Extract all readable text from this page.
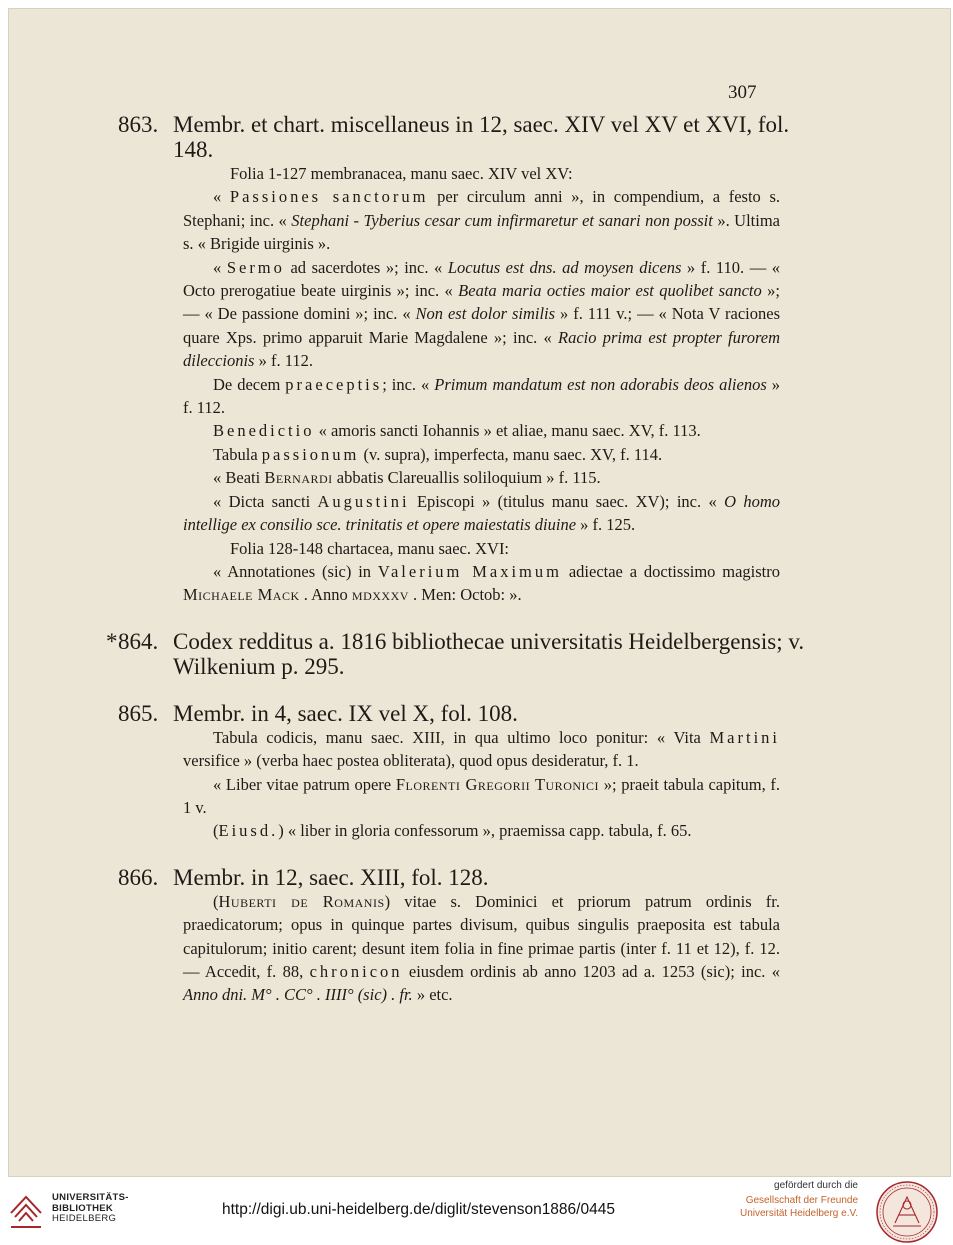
307
863. Membr. et chart. miscellaneus in 12, saec. XIV vel XV et XVI, fol. 148.
Folia 1-127 membranacea, manu saec. XIV vel XV:
« Passiones sanctorum per circulum anni », in compendium, a festo s. Stephani; inc. « Stephani - Tyberius cesar cum infirmaretur et sanari non possit ». Ultima s. « Brigide uirginis ».
« Sermo ad sacerdotes »; inc. « Locutus est dns. ad moysen dicens » f. 110. — « Octo prerogatiue beate uirginis »; inc. « Beata maria octies maior est quolibet sancto »; — « De passione domini »; inc. « Non est dolor similis » f. 111 v.; — « Nota V raciones quare Xps. primo apparuit Marie Magdalene »; inc. « Racio prima est propter furorem dileccionis » f. 112.
De decem praeceptis; inc. « Primum mandatum est non adorabis deos alienos » f. 112.
Benedictio « amoris sancti Iohannis » et aliae, manu saec. XV, f. 113.
Tabula passionum (v. supra), imperfecta, manu saec. XV, f. 114.
« Beati Bernardi abbatis Clareuallis soliloquium » f. 115.
« Dicta sancti Augustini Episcopi » (titulus manu saec. XV); inc. « O homo intellige ex consilio sce. trinitatis et opere maiestatis diuine » f. 125.
Folia 128-148 chartacea, manu saec. XVI:
« Annotationes (sic) in Valerium Maximum adiectae a doctissimo magistro Michaele Mack . Anno mdxxxv . Men: Octob: ».
* 864. Codex redditus a. 1816 bibliothecae universitatis Heidelbergensis; v. Wilkenium p. 295.
865. Membr. in 4, saec. IX vel X, fol. 108.
Tabula codicis, manu saec. XIII, in qua ultimo loco ponitur: « Vita Martini versifice » (verba haec postea obliterata), quod opus desideratur, f. 1.
« Liber vitae patrum opere Florenti Gregorii Turonici »; praeit tabula capitum, f. 1 v.
(Eiusd.) « liber in gloria confessorum », praemissa capp. tabula, f. 65.
866. Membr. in 12, saec. XIII, fol. 128.
(Huberti de Romanis) vitae s. Dominici et priorum patrum ordinis fr. praedicatorum; opus in quinque partes divisum, quibus singulis praeposita est tabula capitulorum; initio carent; desunt item folia in fine primae partis (inter f. 11 et 12), f. 12. — Accedit, f. 88, chronicon eiusdem ordinis ab anno 1203 ad a. 1253 (sic); inc. « Anno dni. M° . CC° . IIII° (sic) . fr. » etc.
UNIVERSITÄTS-
BIBLIOTHEK
HEIDELBERG
http://digi.ub.uni-heidelberg.de/diglit/stevenson1886/0445
gefördert durch die
Gesellschaft der Freunde
Universität Heidelberg e.V.
